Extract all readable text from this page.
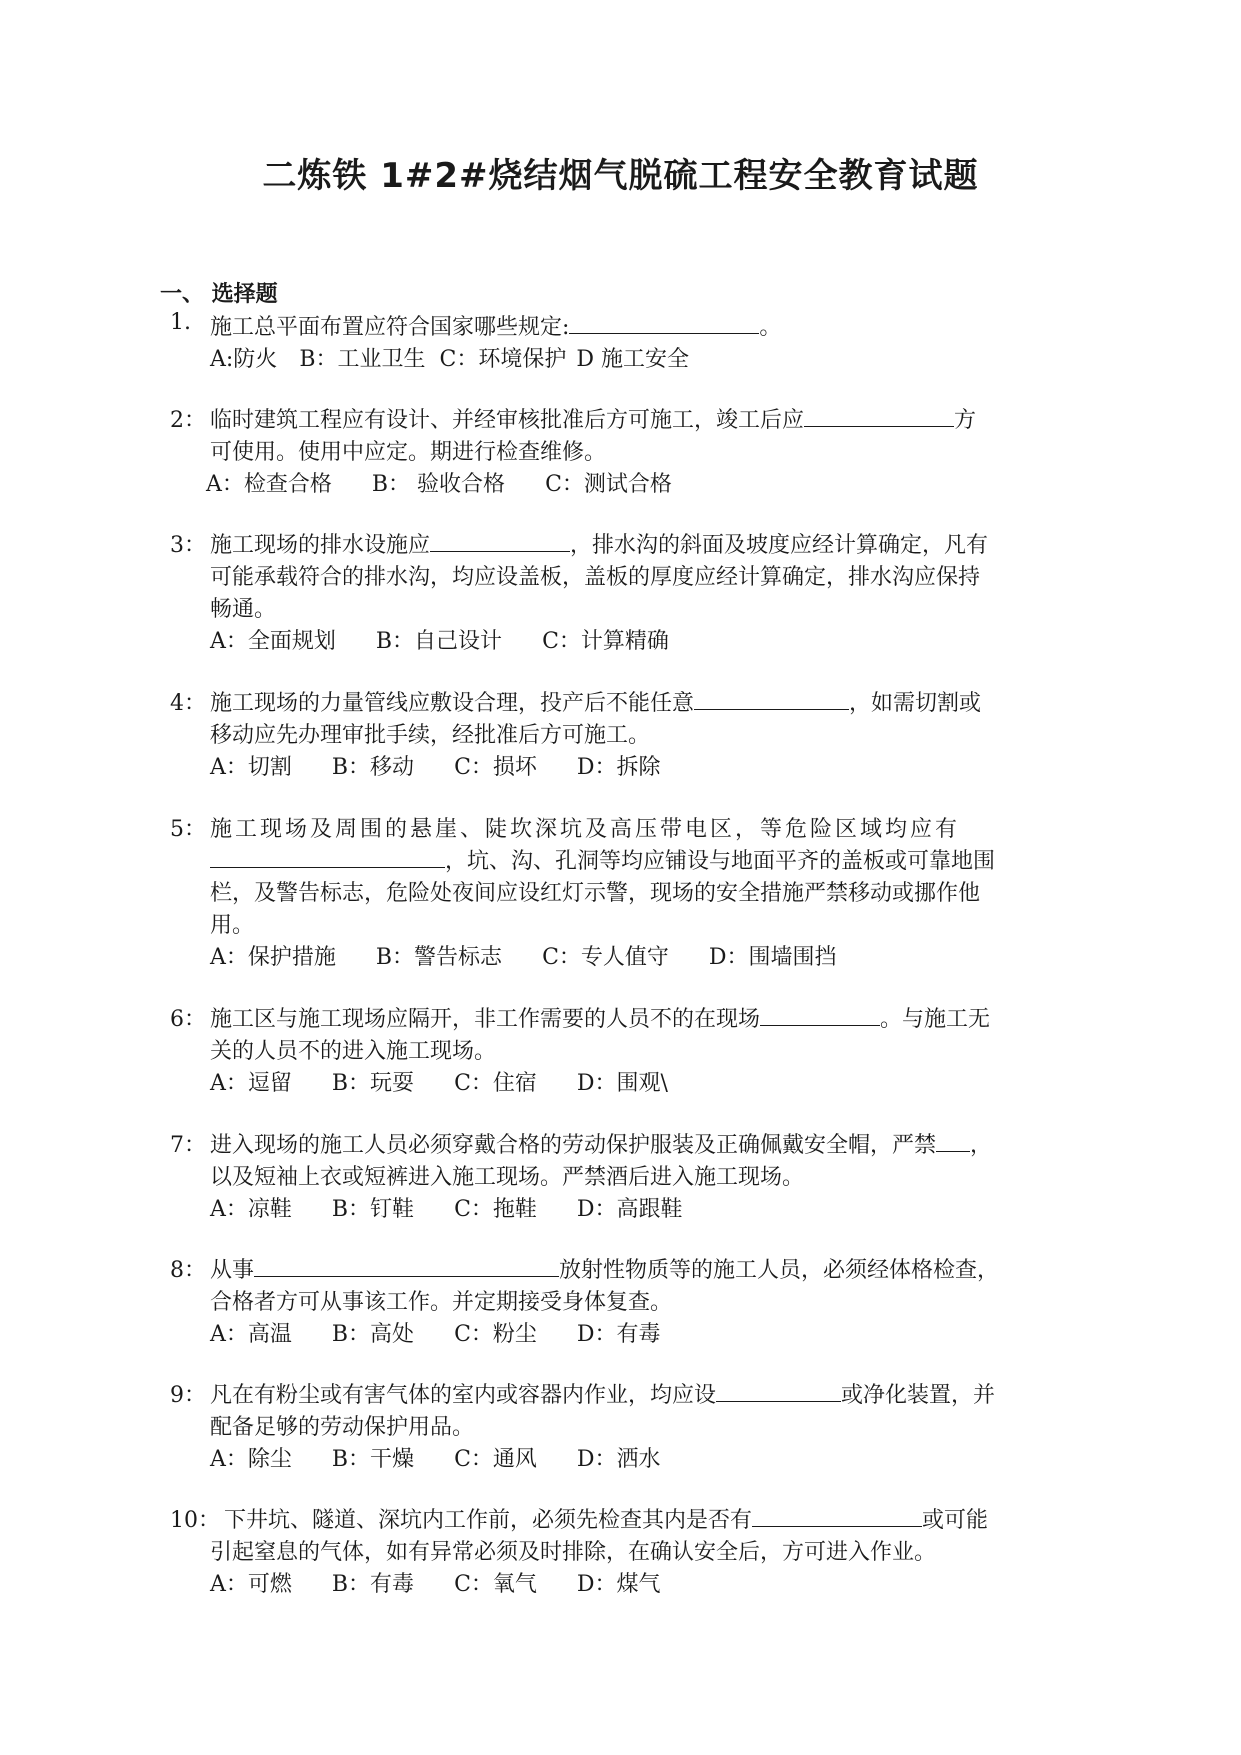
二炼铁 1#2#烧结烟气脱硫工程安全教育试题
一、 选择题
1. 施工总平面布置应符合国家哪些规定:	。
A:防火 B：工业卫生 C：环境保护 D 施工安全
2： 临时建筑工程应有设计、并经审核批准后方可施工，竣工后应	方
可使用。使用中应定。期进行检查维修。
A：检查合格 B： 验收合格 C：测试合格
3： 施工现场的排水设施应	，排水沟的斜面及坡度应经计算确定，凡有
可能承载符合的排水沟，均应设盖板，盖板的厚度应经计算确定，排水沟应保持
畅通。
A：全面规划 B：自己设计 C：计算精确
4： 施工现场的力量管线应敷设合理，投产后不能任意	，如需切割或
移动应先办理审批手续，经批准后方可施工。
A：切割 B：移动 C：损坏 D：拆除
5： 施工现场及周围的悬崖、陡坎深坑及高压带电区，等危险区域均应有
，坑、沟、孔洞等均应铺设与地面平齐的盖板或可靠地围
栏，及警告标志，危险处夜间应设红灯示警，现场的安全措施严禁移动或挪作他
用。
A：保护措施 B：警告标志 C：专人值守 D：围墙围挡
6： 施工区与施工现场应隔开，非工作需要的人员不的在现场	。与施工无
关的人员不的进入施工现场。
A：逗留 B：玩耍 C：住宿 D：围观\
7： 进入现场的施工人员必须穿戴合格的劳动保护服装及正确佩戴安全帽，严禁 ，
以及短袖上衣或短裤进入施工现场。严禁酒后进入施工现场。
A：凉鞋 B：钉鞋 C：拖鞋 D：高跟鞋
8： 从事	放射性物质等的施工人员，必须经体格检查，
合格者方可从事该工作。并定期接受身体复查。
A：高温 B：高处 C：粉尘 D：有毒
9： 凡在有粉尘或有害气体的室内或容器内作业，均应设	或净化装置，并
配备足够的劳动保护用品。
A：除尘 B：干燥 C：通风 D：洒水
10： 下井坑、隧道、深坑内工作前，必须先检查其内是否有	或可能
引起窒息的气体，如有异常必须及时排除，在确认安全后，方可进入作业。
A：可燃 B：有毒 C：氧气 D：煤气
